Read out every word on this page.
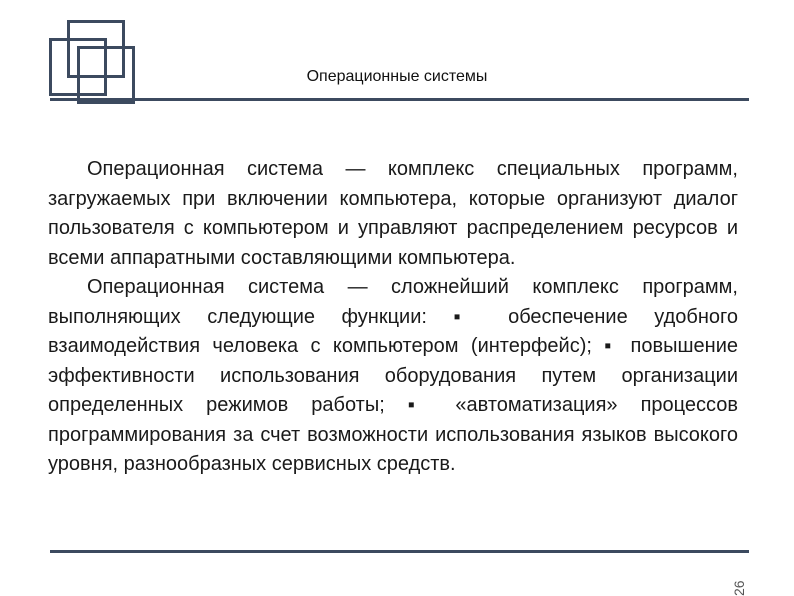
Операционные системы

Операционная система — комплекс специальных программ, загружаемых при включении компьютера, которые организуют диалог пользователя с компьютером и управляют распределением ресурсов и всеми аппаратными составляющими компьютера.

Операционная система — сложнейший комплекс программ, выполняющих следующие функции: ▪ обеспечение удобного взаимодействия человека с компьютером (интерфейс); ▪ повышение эффективности использования оборудования путем организации определенных режимов работы; ▪ «автоматизация» процессов программирования за счет возможности использования языков высокого уровня, разнообразных сервисных средств.

26
